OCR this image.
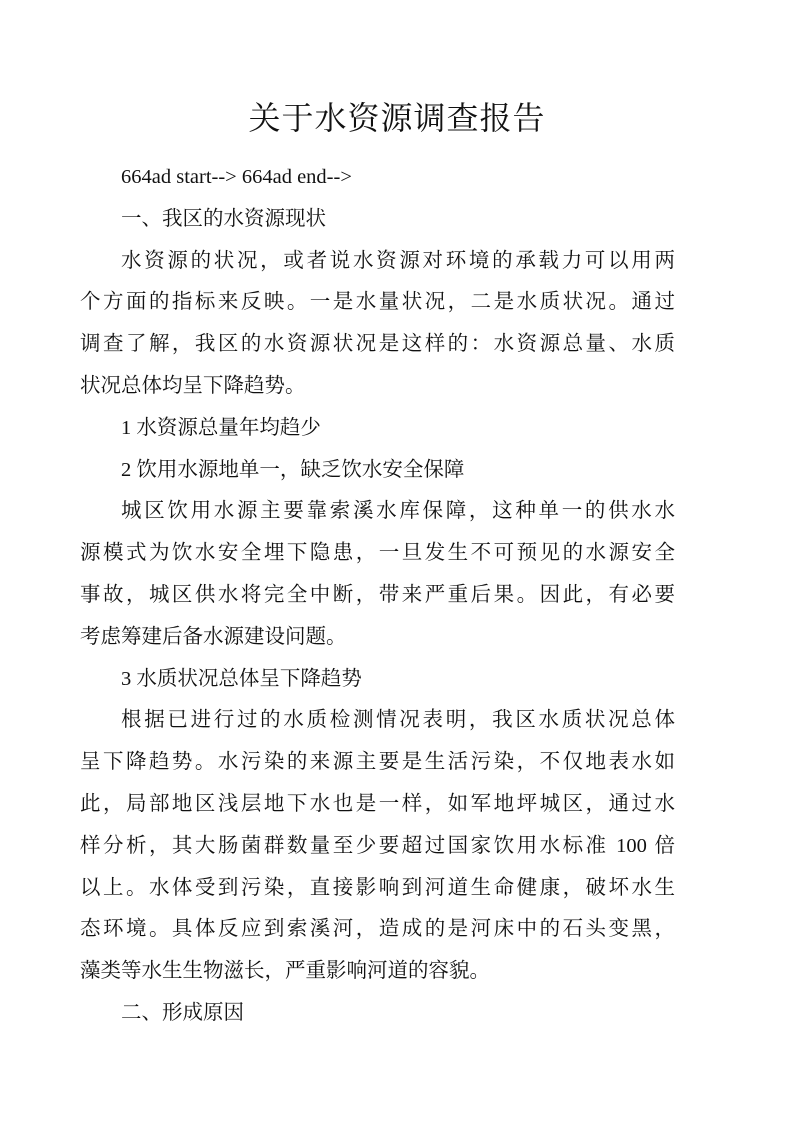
关于水资源调查报告
664ad start--> 664ad end-->
一、我区的水资源现状
水资源的状况，或者说水资源对环境的承载力可以用两
个方面的指标来反映。一是水量状况，二是水质状况。通过
调查了解，我区的水资源状况是这样的：水资源总量、水质
状况总体均呈下降趋势。
1 水资源总量年均趋少
2 饮用水源地单一，缺乏饮水安全保障
城区饮用水源主要靠索溪水库保障，这种单一的供水水
源模式为饮水安全埋下隐患，一旦发生不可预见的水源安全
事故，城区供水将完全中断，带来严重后果。因此，有必要
考虑筹建后备水源建设问题。
3 水质状况总体呈下降趋势
根据已进行过的水质检测情况表明，我区水质状况总体
呈下降趋势。水污染的来源主要是生活污染，不仅地表水如
此，局部地区浅层地下水也是一样，如军地坪城区，通过水
样分析，其大肠菌群数量至少要超过国家饮用水标准 100 倍
以上。水体受到污染，直接影响到河道生命健康，破坏水生
态环境。具体反应到索溪河，造成的是河床中的石头变黑，
藻类等水生生物滋长，严重影响河道的容貌。
二、形成原因
